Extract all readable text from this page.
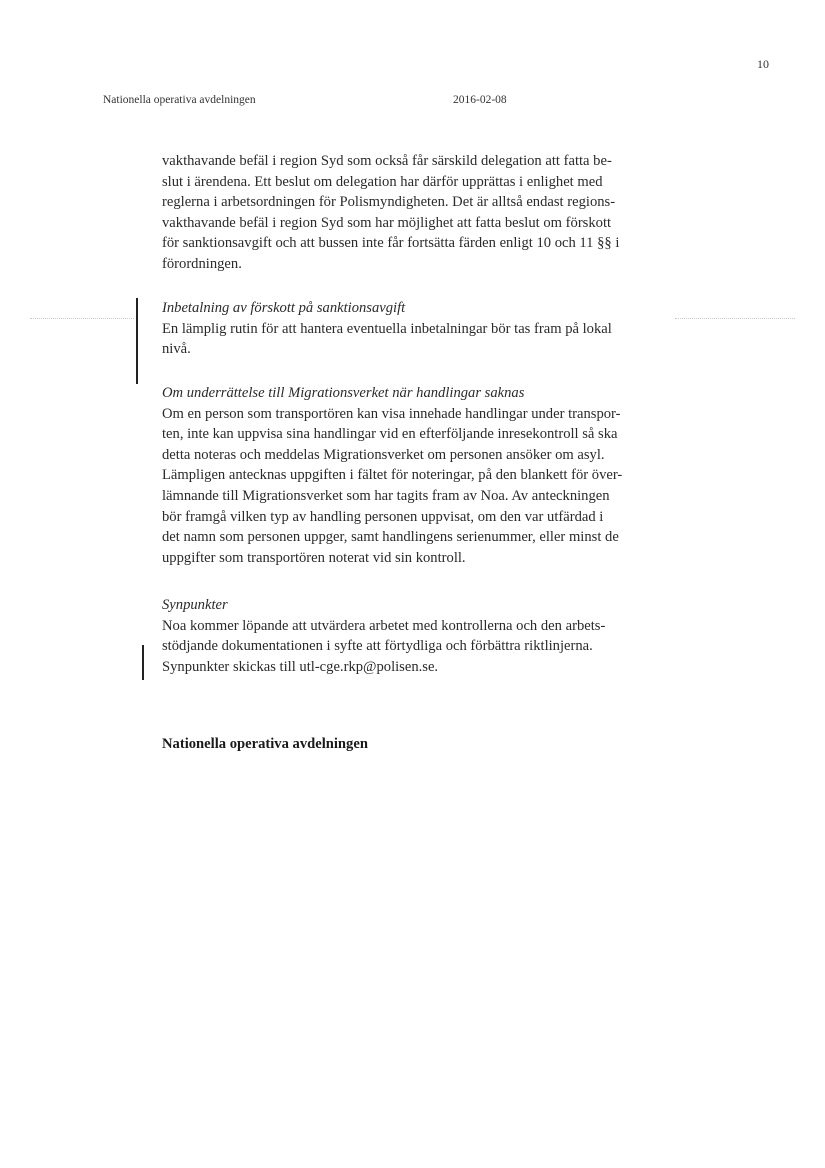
10
Nationella operativa avdelningen	2016-02-08
vakthavande befäl i region Syd som också får särskild delegation att fatta be-
slut i ärendena. Ett beslut om delegation har därför upprättas i enlighet med
reglerna i arbetsordningen för Polismyndigheten. Det är alltså endast regions-
vakthavande befäl i region Syd som har möjlighet att fatta beslut om förskott
för sanktionsavgift och att bussen inte får fortsätta färden enligt 10 och 11 §§ i
förordningen.
Inbetalning av förskott på sanktionsavgift
En lämplig rutin för att hantera eventuella inbetalningar bör tas fram på lokal
nivå.
Om underrättelse till Migrationsverket när handlingar saknas
Om en person som transportören kan visa innehade handlingar under transpor-
ten, inte kan uppvisa sina handlingar vid en efterföljande inresekontroll så ska
detta noteras och meddelas Migrationsverket om personen ansöker om asyl.
Lämpligen antecknas uppgiften i fältet för noteringar, på den blankett för över-
lämnande till Migrationsverket som har tagits fram av Noa. Av anteckningen
bör framgå vilken typ av handling personen uppvisat, om den var utfärdad i
det namn som personen uppger, samt handlingens serienummer, eller minst de
uppgifter som transportören noterat vid sin kontroll.
Synpunkter
Noa kommer löpande att utvärdera arbetet med kontrollerna och den arbets-
stödjande dokumentationen i syfte att förtydliga och förbättra riktlinjerna.
Synpunkter skickas till utl-cge.rkp@polisen.se.
Nationella operativa avdelningen
